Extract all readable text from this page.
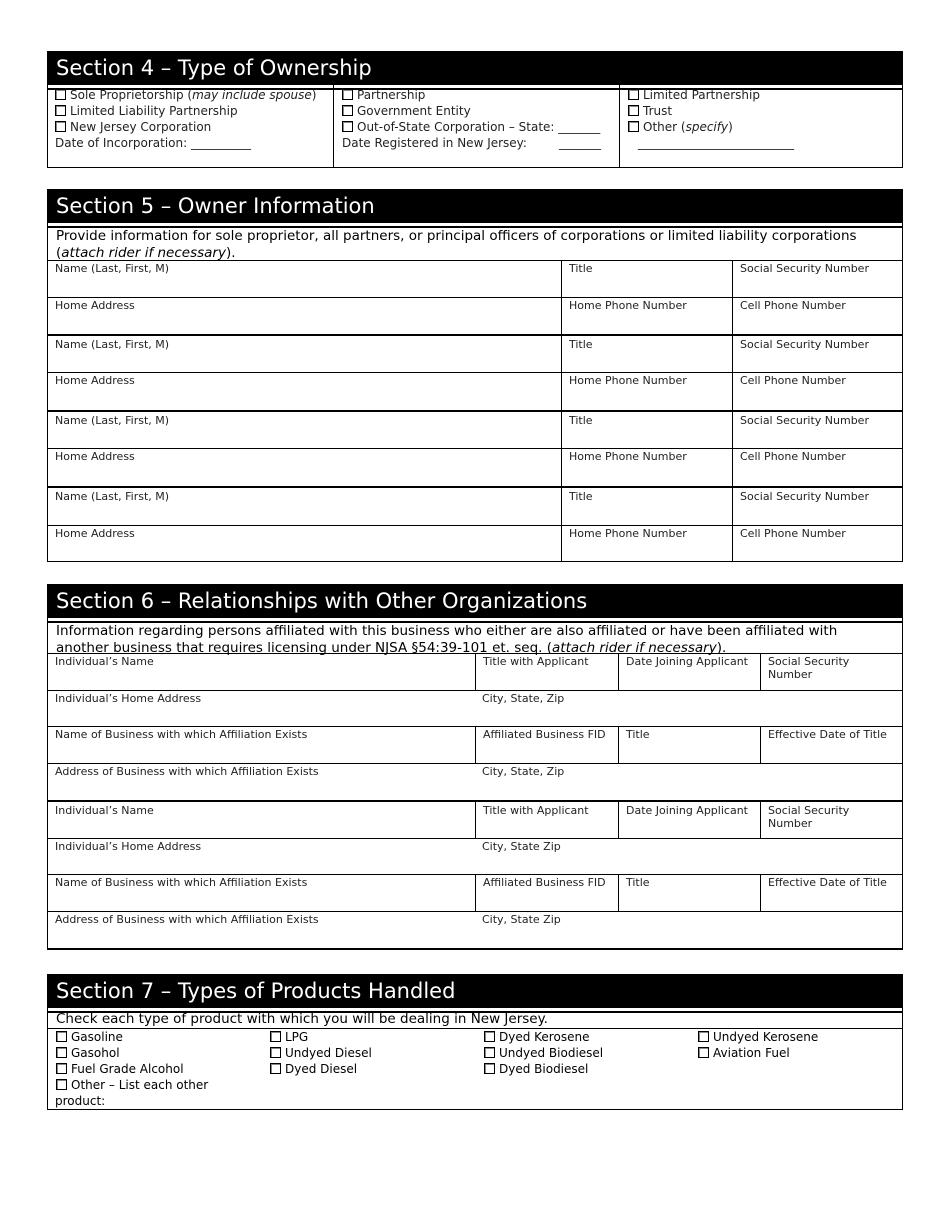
Section 4 – Type of Ownership
Sole Proprietorship (may include spouse)
Limited Liability Partnership
New Jersey Corporation
Date of Incorporation: __________
Partnership
Government Entity
Out-of-State Corporation – State: _______
Date Registered in New Jersey:	_______
Limited Partnership
Trust
Other (specify)
__________________________
Section 5 – Owner Information
Provide information for sole proprietor, all partners, or principal officers of corporations or limited liability corporations (attach rider if necessary).
Name (Last, First, M)	Title	Social Security Number
Home Address	Home Phone Number	Cell Phone Number
Name (Last, First, M)	Title	Social Security Number
Home Address	Home Phone Number	Cell Phone Number
Name (Last, First, M)	Title	Social Security Number
Home Address	Home Phone Number	Cell Phone Number
Name (Last, First, M)	Title	Social Security Number
Home Address	Home Phone Number	Cell Phone Number
Section 6 – Relationships with Other Organizations
Information regarding persons affiliated with this business who either are also affiliated or have been affiliated with another business that requires licensing under NJSA §54:39-101 et. seq. (attach rider if necessary).
Individual’s Name	Title with Applicant	Date Joining Applicant	Social Security Number
Individual’s Home Address	City, State, Zip
Name of Business with which Affiliation Exists	Affiliated Business FID	Title	Effective Date of Title
Address of Business with which Affiliation Exists	City, State, Zip
Individual’s Name	Title with Applicant	Date Joining Applicant	Social Security Number
Individual’s Home Address	City, State Zip
Name of Business with which Affiliation Exists	Affiliated Business FID	Title	Effective Date of Title
Address of Business with which Affiliation Exists	City, State Zip
Section 7 – Types of Products Handled
Check each type of product with which you will be dealing in New Jersey.
Gasoline
Gasohol
Fuel Grade Alcohol
Other – List each other
product:
LPG
Undyed Diesel
Dyed Diesel
Dyed Kerosene
Undyed Biodiesel
Dyed Biodiesel
Undyed Kerosene
Aviation Fuel
